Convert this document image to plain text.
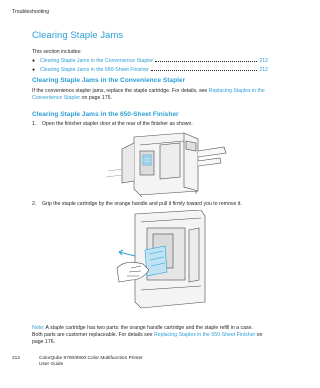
Troubleshooting
Clearing Staple Jams
This section includes:
● Clearing Staple Jams in the Convenience Stapler	212
● Clearing Staple Jams in the 650-Sheet Finisher	212
Clearing Staple Jams in the Convenience Stapler

If the convenience stapler jams, replace the staple cartridge. For details, see Replacing Staples in the Convenience Stapler on page 175.

Clearing Staple Jams in the 650-Sheet Finisher
1.	Open the finisher stapler door at the rear of the finisher as shown.
2.	Grip the staple cartridge by the orange handle and pull it firmly toward you to remove it.

Note: A staple cartridge has two parts: the orange handle cartridge and the staple refill in a case.
Both parts are customer replaceable. For details see Replacing Staples in the 650-Sheet Finisher on
page 176.

212	ColorQube 8700/8900 Color Multifunction Printer
User Guide
